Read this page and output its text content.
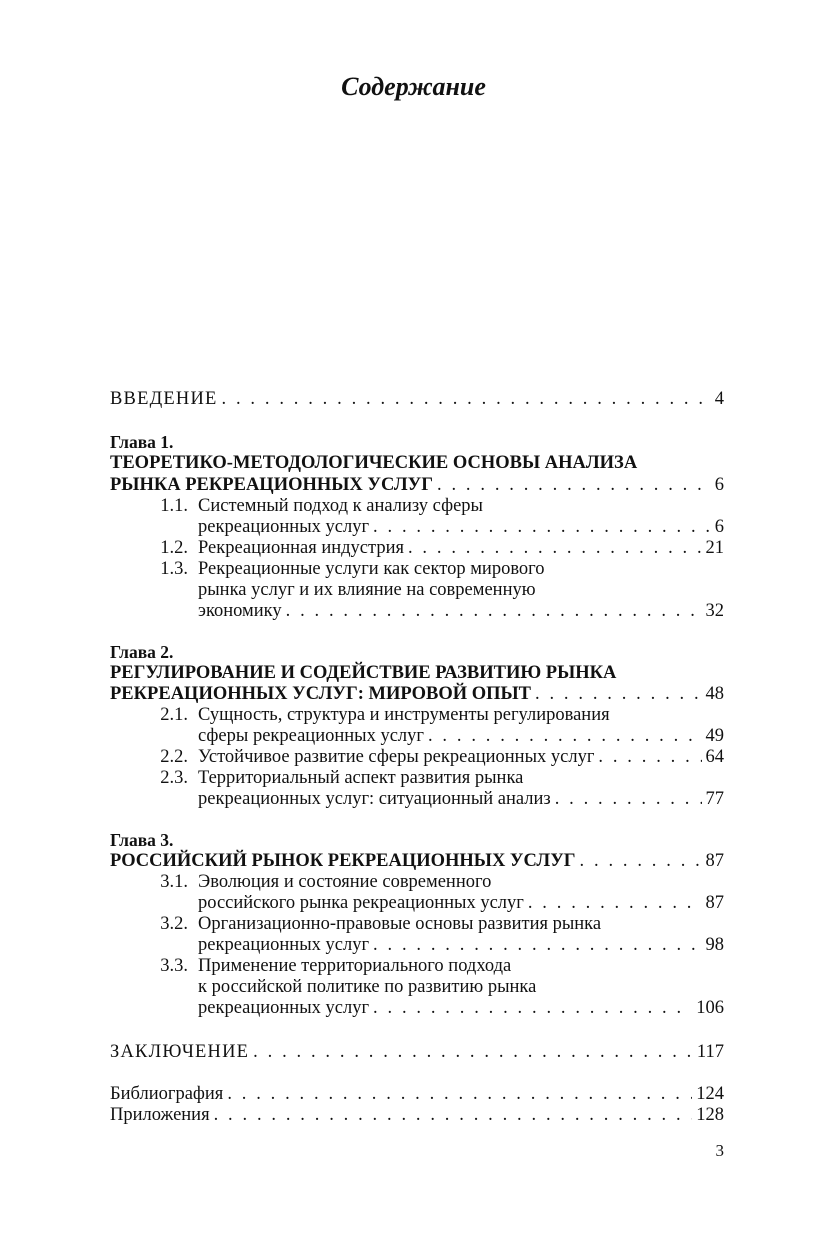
Содержание
ВВЕДЕНИЕ . . .	4
Глава 1.
ТЕОРЕТИКО-МЕТОДОЛОГИЧЕСКИЕ ОСНОВЫ АНАЛИЗА
РЫНКА РЕКРЕАЦИОННЫХ УСЛУГ . . .	6
1.1. Системный подход к анализу сферы
рекреационных услуг . . .	6
1.2. Рекреационная индустрия . . .	21
1.3. Рекреационные услуги как сектор мирового
рынка услуг и их влияние на современную
экономику . . .	32
Глава 2.
РЕГУЛИРОВАНИЕ И СОДЕЙСТВИЕ РАЗВИТИЮ РЫНКА
РЕКРЕАЦИОННЫХ УСЛУГ: МИРОВОЙ ОПЫТ . . .	48
2.1. Сущность, структура и инструменты регулирования
сферы рекреационных услуг . . .	49
2.2. Устойчивое развитие сферы рекреационных услуг . . .	64
2.3. Территориальный аспект развития рынка
рекреационных услуг: ситуационный анализ . . .	77
Глава 3.
РОССИЙСКИЙ РЫНОК РЕКРЕАЦИОННЫХ УСЛУГ . . .	87
3.1. Эволюция и состояние современного
российского рынка рекреационных услуг . . .	87
3.2. Организационно-правовые основы развития рынка
рекреационных услуг . . .	98
3.3. Применение территориального подхода
к российской политике по развитию рынка
рекреационных услуг . . .	106
ЗАКЛЮЧЕНИЕ . . .	117
Библиография . . .	124
Приложения . . .	128
3
